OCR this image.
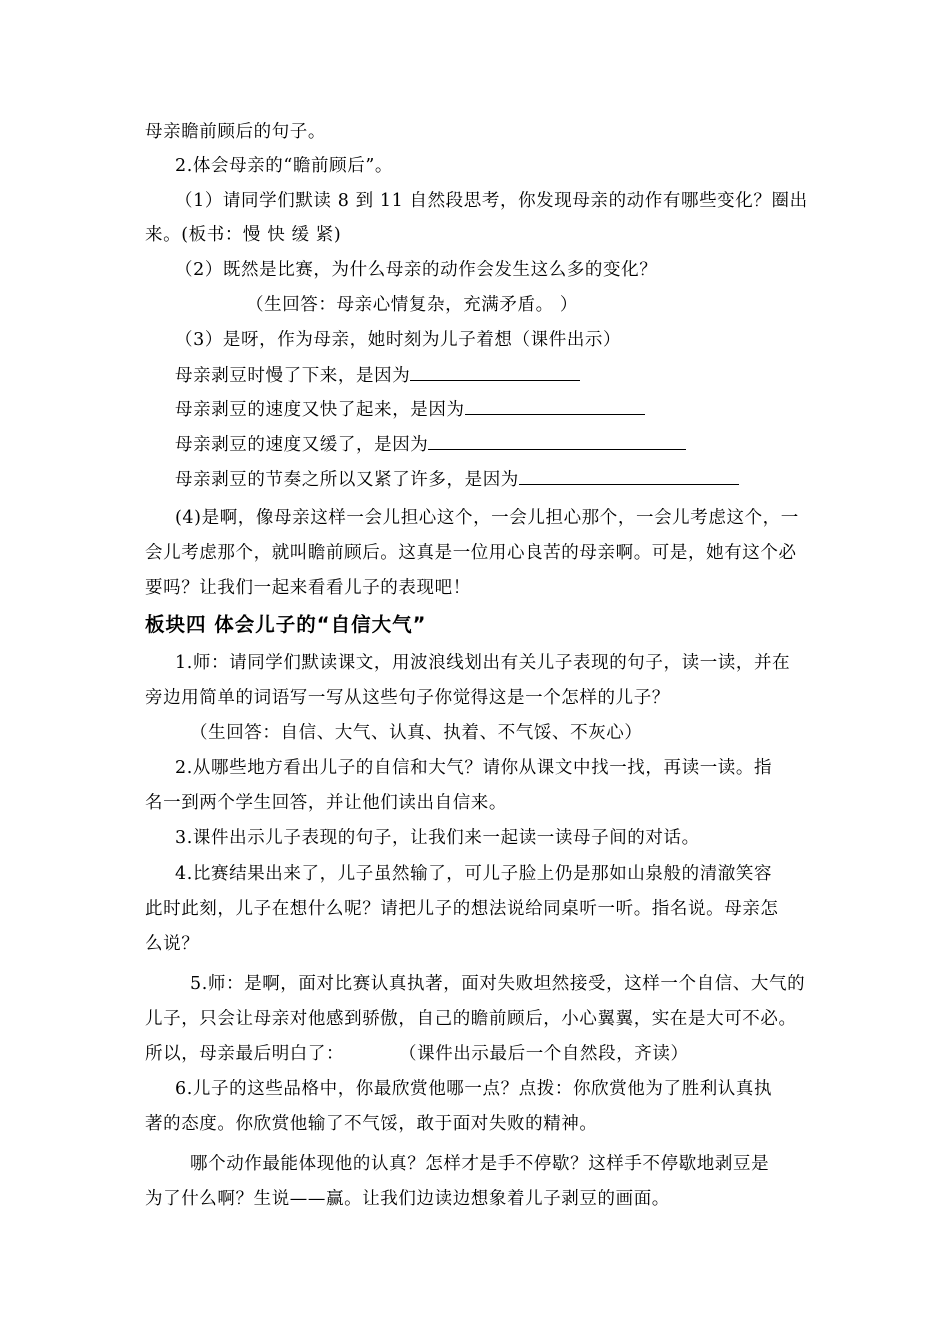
母亲瞻前顾后的句子。
2.体会母亲的“瞻前顾后”。
（1）请同学们默读 8 到 11 自然段思考，你发现母亲的动作有哪些变化？圈出
来。(板书：慢 快 缓 紧)
（2）既然是比赛，为什么母亲的动作会发生这么多的变化？
（生回答：母亲心情复杂，充满矛盾。 ）
（3）是呀，作为母亲，她时刻为儿子着想（课件出示）
母亲剥豆时慢了下来，是因为
母亲剥豆的速度又快了起来，是因为
母亲剥豆的速度又缓了，是因为
母亲剥豆的节奏之所以又紧了许多，是因为
(4)是啊，像母亲这样一会儿担心这个，一会儿担心那个，一会儿考虑这个，一
会儿考虑那个，就叫瞻前顾后。这真是一位用心良苦的母亲啊。可是，她有这个必
要吗？让我们一起来看看儿子的表现吧！
板块四 体会儿子的“自信大气”
1.师：请同学们默读课文，用波浪线划出有关儿子表现的句子，读一读，并在
旁边用简单的词语写一写从这些句子你觉得这是一个怎样的儿子？
（生回答：自信、大气、认真、执着、不气馁、不灰心）
2.从哪些地方看出儿子的自信和大气？请你从课文中找一找，再读一读。指
名一到两个学生回答，并让他们读出自信来。
3.课件出示儿子表现的句子，让我们来一起读一读母子间的对话。
4.比赛结果出来了，儿子虽然输了，可儿子脸上仍是那如山泉般的清澈笑容
此时此刻，儿子在想什么呢？请把儿子的想法说给同桌听一听。指名说。母亲怎
么说？
5.师：是啊，面对比赛认真执著，面对失败坦然接受，这样一个自信、大气的
儿子，只会让母亲对他感到骄傲，自己的瞻前顾后，小心翼翼，实在是大可不必。
所以，母亲最后明白了：　　　　（课件出示最后一个自然段，齐读）
6.儿子的这些品格中，你最欣赏他哪一点？点拨：你欣赏他为了胜利认真执
著的态度。你欣赏他输了不气馁，敢于面对失败的精神。
哪个动作最能体现他的认真？怎样才是手不停歇？这样手不停歇地剥豆是
为了什么啊？生说——赢。让我们边读边想象着儿子剥豆的画面。
